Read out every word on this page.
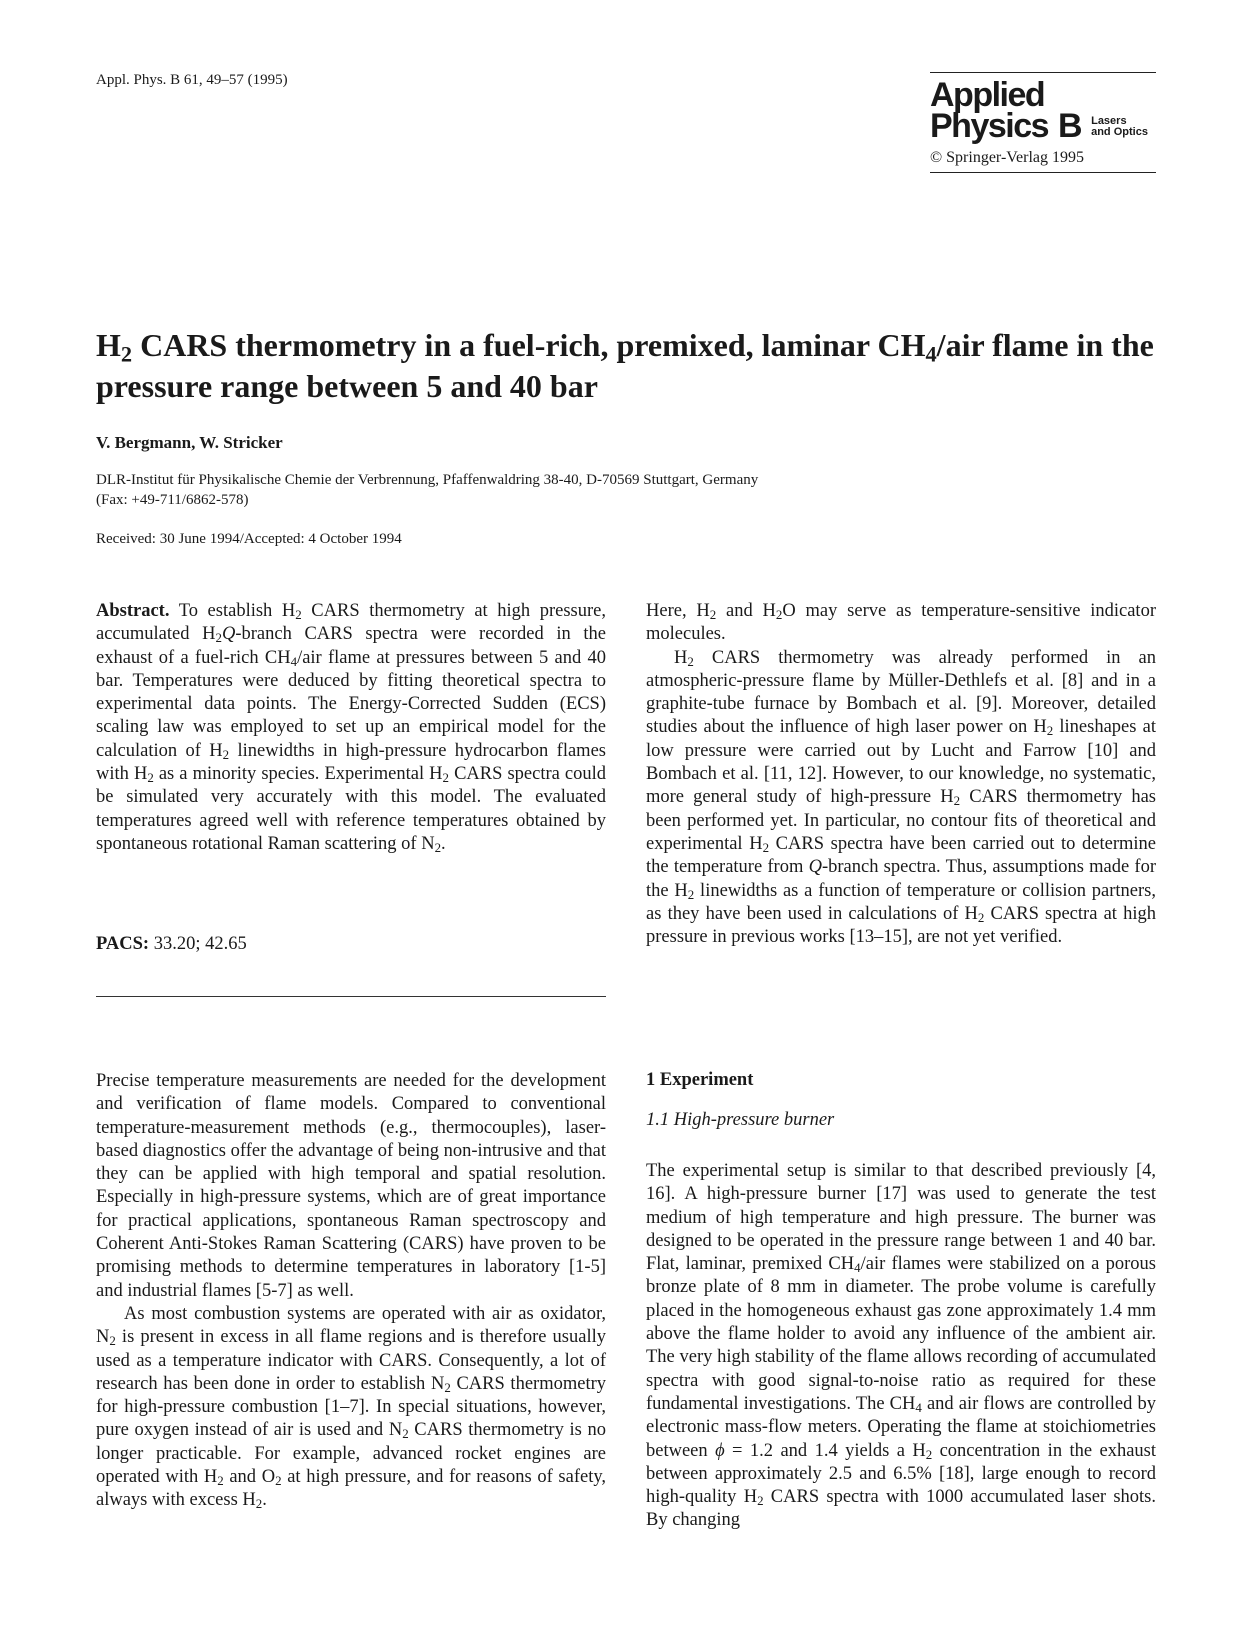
Appl. Phys. B 61, 49–57 (1995)	Applied
Physics B Lasers
and Optics
© Springer-Verlag 1995
$H_2$ CARS thermometry in a fuel-rich, premixed, laminar $CH_4$/air flame in the pressure range between 5 and 40 bar
V. Bergmann, W. Stricker
DLR-Institut für Physikalische Chemie der Verbrennung, Pfaffenwaldring 38-40, D-70569 Stuttgart, Germany
(Fax: +49-711/6862-578)
Received: 30 June 1994/Accepted: 4 October 1994

Abstract. To establish $H_2$ CARS thermometry at high pressure, accumulated $H_2Q$-branch CARS spectra were recorded in the exhaust of a fuel-rich $CH_4$/air flame at pressures between 5 and 40 bar. Temperatures were deduced by fitting theoretical spectra to experimental data points. The Energy-Corrected Sudden (ECS) scaling law was employed to set up an empirical model for the calculation of $H_2$ linewidths in high-pressure hydrocarbon flames with $H_2$ as a minority species. Experimental $H_2$ CARS spectra could be simulated very accurately with this model. The evaluated temperatures agreed well with reference temperatures obtained by spontaneous rotational Raman scattering of $N_2$.

PACS: 33.20; 42.65

Here, $H_2$ and $H_2O$ may serve as temperature-sensitive indicator molecules.

$H_2$ CARS thermometry was already performed in an atmospheric-pressure flame by Müller-Dethlefs et al. [8] and in a graphite-tube furnace by Bombach et al. [9]. Moreover, detailed studies about the influence of high laser power on $H_2$ lineshapes at low pressure were carried out by Lucht and Farrow [10] and Bombach et al. [11, 12]. However, to our knowledge, no systematic, more general study of high-pressure $H_2$ CARS thermometry has been performed yet. In particular, no contour fits of theoretical and experimental $H_2$ CARS spectra have been carried out to determine the temperature from Q-branch spectra. Thus, assumptions made for the $H_2$ linewidths as a function of temperature or collision partners, as they have been used in calculations of $H_2$ CARS spectra at high pressure in previous works [13–15], are not yet verified.

Precise temperature measurements are needed for the development and verification of flame models. Compared to conventional temperature-measurement methods (e.g., thermocouples), laser-based diagnostics offer the advantage of being non-intrusive and that they can be applied with high temporal and spatial resolution. Especially in high-pressure systems, which are of great importance for practical applications, spontaneous Raman spectroscopy and Coherent Anti-Stokes Raman Scattering (CARS) have proven to be promising methods to determine temperatures in laboratory [1-5] and industrial flames [5-7] as well.

As most combustion systems are operated with air as oxidator, $N_2$ is present in excess in all flame regions and is therefore usually used as a temperature indicator with CARS. Consequently, a lot of research has been done in order to establish $N_2$ CARS thermometry for high-pressure combustion [1–7]. In special situations, however, pure oxygen instead of air is used and $N_2$ CARS thermometry is no longer practicable. For example, advanced rocket engines are operated with $H_2$ and $O_2$ at high pressure, and for reasons of safety, always with excess $H_2$.

1 Experiment
1.1 High-pressure burner

The experimental setup is similar to that described previously [4, 16]. A high-pressure burner [17] was used to generate the test medium of high temperature and high pressure. The burner was designed to be operated in the pressure range between 1 and 40 bar. Flat, laminar, premixed $CH_4$/air flames were stabilized on a porous bronze plate of 8 mm in diameter. The probe volume is carefully placed in the homogeneous exhaust gas zone approximately 1.4 mm above the flame holder to avoid any influence of the ambient air. The very high stability of the flame allows recording of accumulated spectra with good signal-to-noise ratio as required for these fundamental investigations. The $CH_4$ and air flows are controlled by electronic mass-flow meters. Operating the flame at stoichiometries between ϕ = 1.2 and 1.4 yields a $H_2$ concentration in the exhaust between approximately 2.5 and 6.5% [18], large enough to record high-quality $H_2$ CARS spectra with 1000 accumulated laser shots. By changing
